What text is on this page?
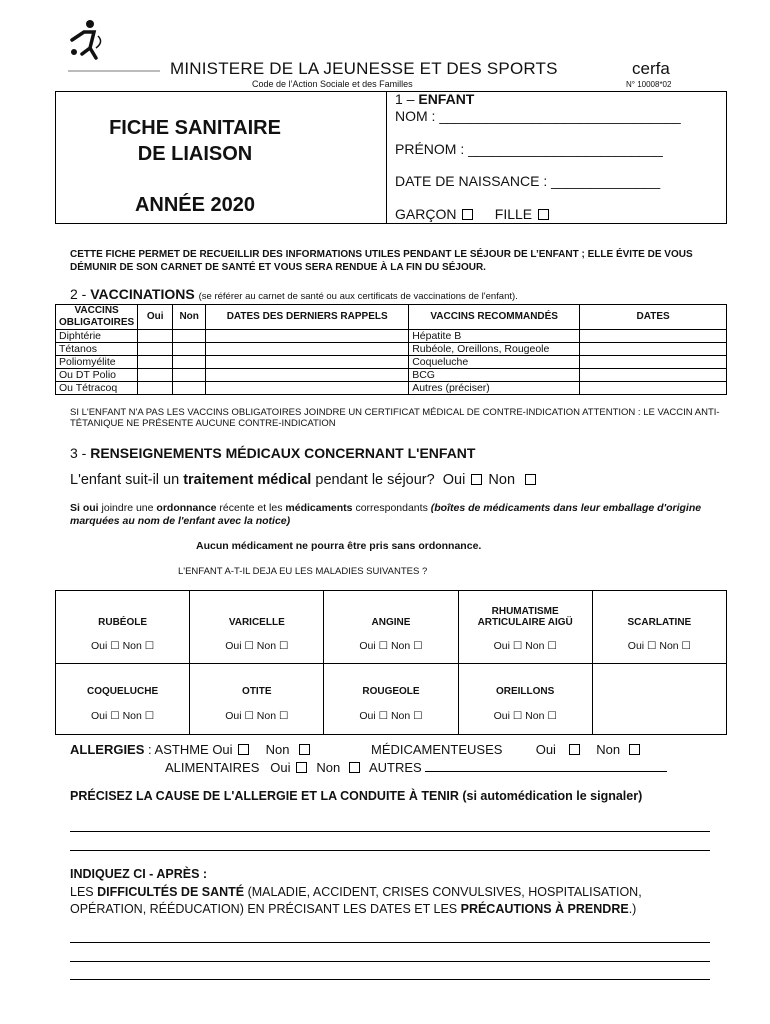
MINISTERE DE LA JEUNESSE ET DES SPORTS	cerfa
Code de l’Action Sociale et des Familles	N° 10008*02
FICHE SANITAIRE
DE LIAISON
ANNÉE 2020
1 – ENFANT
NOM : _______________________________
PRÉNOM : _________________________
DATE DE NAISSANCE : ______________
GARÇON	FILLE
CETTE FICHE PERMET DE RECUEILLIR DES INFORMATIONS UTILES PENDANT LE SÉJOUR DE L’ENFANT ; ELLE ÉVITE DE VOUS DÉMUNIR DE SON CARNET DE SANTÉ ET VOUS SERA RENDUE À LA FIN DU SÉJOUR.
2 - VACCINATIONS (se référer au carnet de santé ou aux certificats de vaccinations de l'enfant).
VACCINS OBLIGATOIRES	Oui	Non	DATES DES DERNIERS RAPPELS	VACCINS RECOMMANDÉS	DATES
Diphtérie				Hépatite B	
Tétanos				Rubéole, Oreillons, Rougeole	
Poliomyélite				Coqueluche	
Ou DT Polio				BCG	
Ou Tétracoq				Autres (préciser)	
SI L'ENFANT N'A PAS LES VACCINS OBLIGATOIRES JOINDRE UN CERTIFICAT MÉDICAL DE CONTRE-INDICATION ATTENTION : LE VACCIN ANTI-TÉTANIQUE NE PRÉSENTE AUCUNE CONTRE-INDICATION
3 - RENSEIGNEMENTS MÉDICAUX CONCERNANT L'ENFANT
L'enfant suit-il un traitement médical pendant le séjour? Oui Non
Si oui joindre une ordonnance récente et les médicaments correspondants (boîtes de médicaments dans leur emballage d'origine marquées au nom de l'enfant avec la notice)
Aucun médicament ne pourra être pris sans ordonnance.
L'ENFANT A-T-IL DEJA EU LES MALADIES SUIVANTES ?
RUBÉOLE	VARICELLE	ANGINE	RHUMATISME ARTICULAIRE AIGÜ	SCARLATINE
Oui ☐ Non ☐	Oui ☐ Non ☐	Oui ☐ Non ☐	Oui ☐ Non ☐	Oui ☐ Non ☐
COQUELUCHE	OTITE	ROUGEOLE	OREILLONS	
Oui ☐ Non ☐	Oui ☐ Non ☐	Oui ☐ Non ☐	Oui ☐ Non ☐	
ALLERGIES : ASTHME Oui	Non	MÉDICAMENTEUSES	Oui	Non
ALIMENTAIRES Oui Non AUTRES
PRÉCISEZ LA CAUSE DE L'ALLERGIE ET LA CONDUITE À TENIR (si automédication le signaler)
INDIQUEZ CI - APRÈS :
LES DIFFICULTÉS DE SANTÉ (MALADIE, ACCIDENT, CRISES CONVULSIVES, HOSPITALISATION, OPÉRATION, RÉÉDUCATION) EN PRÉCISANT LES DATES ET LES PRÉCAUTIONS À PRENDRE.)
